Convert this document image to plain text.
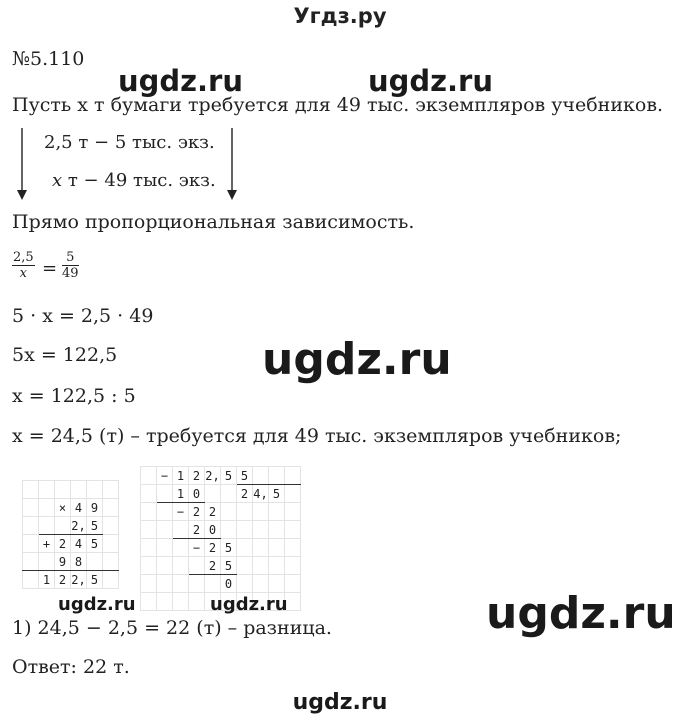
Угдз.ру
№5.110
ugdz.ru	ugdz.ru
Пусть x т бумаги требуется для 49 тыс. экземпляров учебников.
2,5 т − 5 тыс. экз.
x т − 49 тыс. экз.
Прямо пропорциональная зависимость.
$\frac{2,5}{x} = \frac{5}{49}$
5 · x = 2,5 · 49
5x = 122,5	ugdz.ru
x = 122,5 : 5
x = 24,5 (т) – требуется для 49 тыс. экземпляров учебников;

		×	4	9	
			2,	5	
	+	2	4	5	
		9	8		
	1	2	2,	5	
	−	1	2	2,	5	5			
		1	0			2	4,	5	
		−	2	2					
			2	0					
			−	2	5				
				2	5				
					0				

ugdz.ru	ugdz.ru	ugdz.ru
1) 24,5 − 2,5 = 22 (т) – разница.
Ответ: 22 т.
ugdz.ru
